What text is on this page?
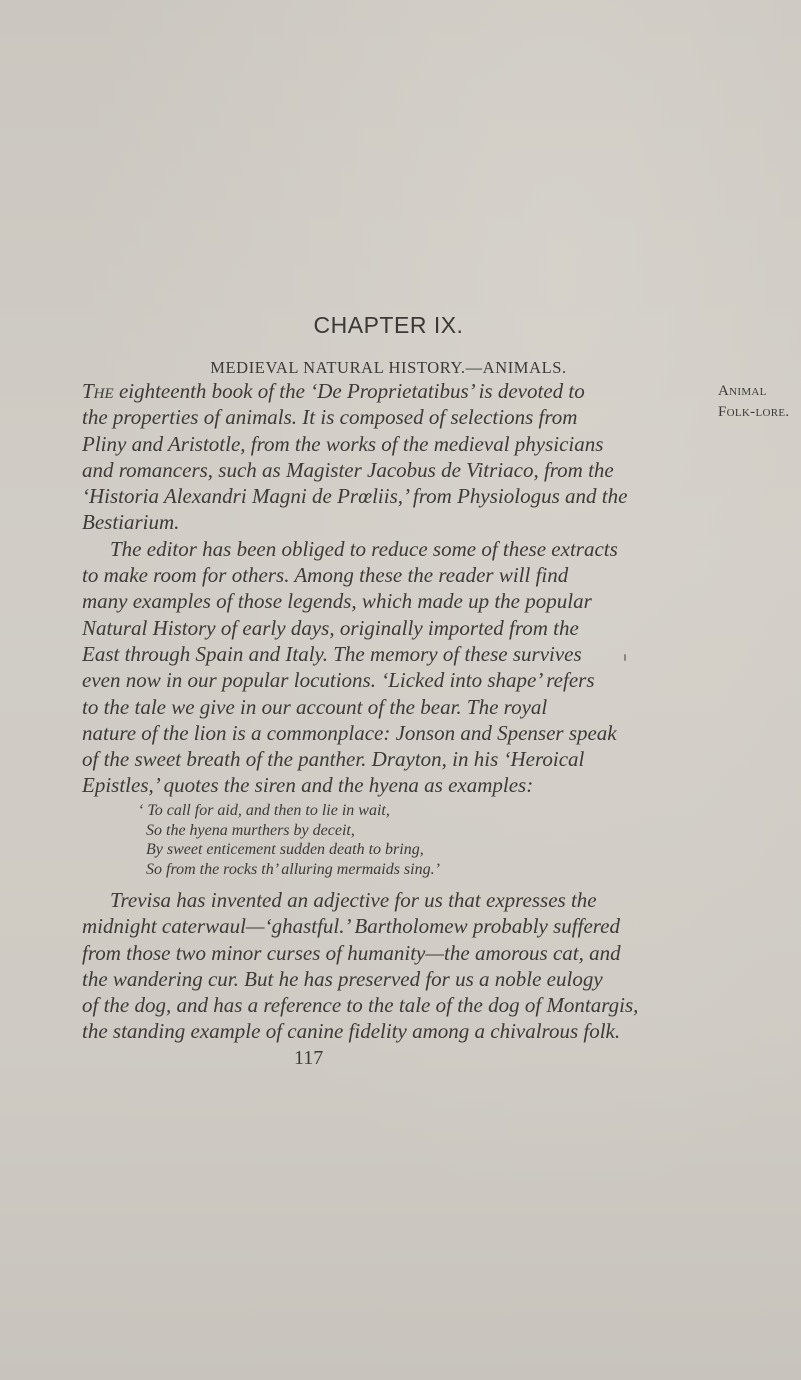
CHAPTER IX.
MEDIEVAL NATURAL HISTORY.—ANIMALS.
Animal
Folk-lore.
The eighteenth book of the ‘De Proprietatibus’ is devoted to
the properties of animals. It is composed of selections from
Pliny and Aristotle, from the works of the medieval physicians
and romancers, such as Magister Jacobus de Vitriaco, from the
‘Historia Alexandri Magni de Prœliis,’ from Physiologus and the
Bestiarium.
The editor has been obliged to reduce some of these extracts
to make room for others. Among these the reader will find
many examples of those legends, which made up the popular
Natural History of early days, originally imported from the
East through Spain and Italy. The memory of these survives
even now in our popular locutions. ‘Licked into shape’ refers
to the tale we give in our account of the bear. The royal
nature of the lion is a commonplace: Jonson and Spenser speak
of the sweet breath of the panther. Drayton, in his ‘Heroical
Epistles,’ quotes the siren and the hyena as examples:
‘ To call for aid, and then to lie in wait,
So the hyena murthers by deceit,
By sweet enticement sudden death to bring,
So from the rocks th’ alluring mermaids sing.’
Trevisa has invented an adjective for us that expresses the
midnight caterwaul—‘ghastful.’ Bartholomew probably suffered
from those two minor curses of humanity—the amorous cat, and
the wandering cur. But he has preserved for us a noble eulogy
of the dog, and has a reference to the tale of the dog of Montargis,
the standing example of canine fidelity among a chivalrous folk.
117
